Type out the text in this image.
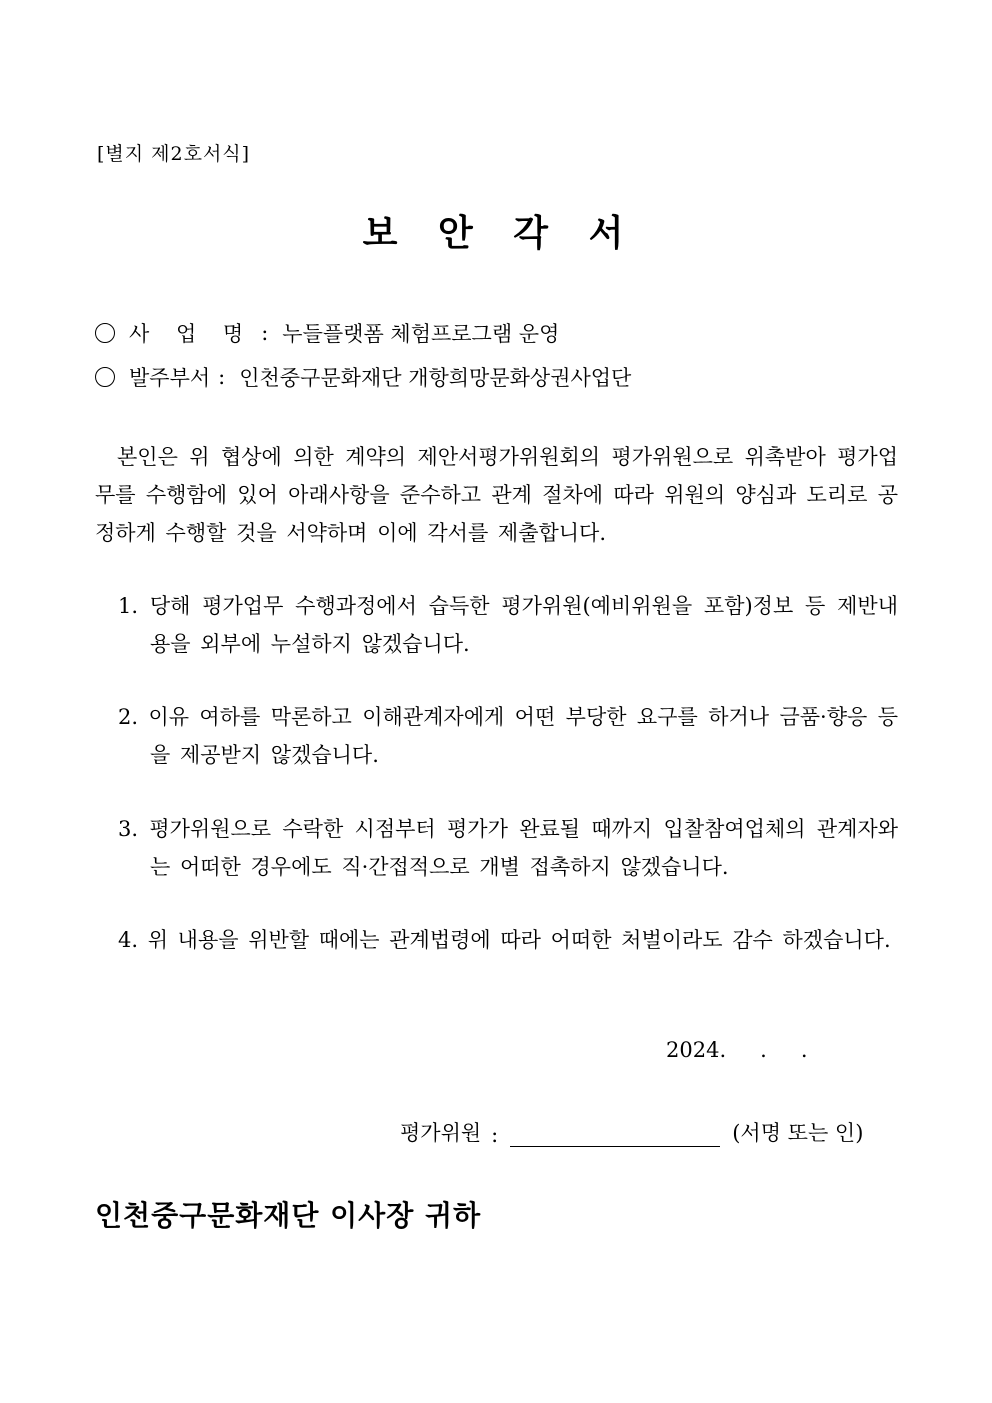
[별지 제2호서식]
보 안 각 서
사 업 명 : 누들플랫폼 체험프로그램 운영
발주부서 : 인천중구문화재단 개항희망문화상권사업단
본인은 위 협상에 의한 계약의 제안서평가위원회의 평가위원으로 위촉받아 평가업무를 수행함에 있어 아래사항을 준수하고 관계 절차에 따라 위원의 양심과 도리로 공정하게 수행할 것을 서약하며 이에 각서를 제출합니다.
1. 당해 평가업무 수행과정에서 습득한 평가위원(예비위원을 포함)정보 등 제반내용을 외부에 누설하지 않겠습니다.
2. 이유 여하를 막론하고 이해관계자에게 어떤 부당한 요구를 하거나 금품·향응 등을 제공받지 않겠습니다.
3. 평가위원으로 수락한 시점부터 평가가 완료될 때까지 입찰참여업체의 관계자와는 어떠한 경우에도 직·간접적으로 개별 접촉하지 않겠습니다.
4. 위 내용을 위반할 때에는 관계법령에 따라 어떠한 처벌이라도 감수 하겠습니다.
2024. . .
평가위원 :	(서명 또는 인)
인천중구문화재단 이사장 귀하
